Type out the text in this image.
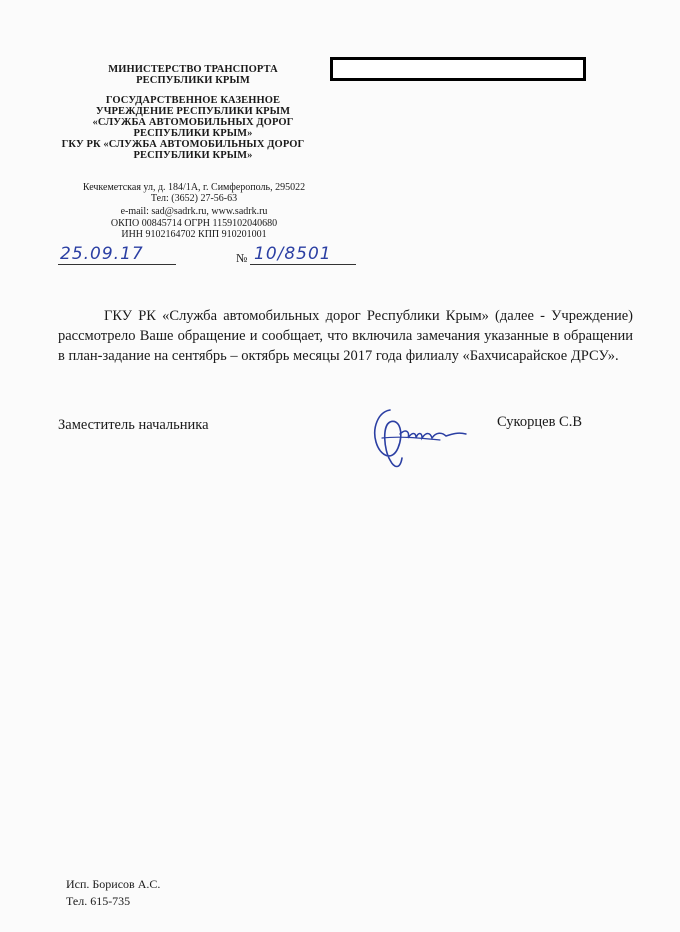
МИНИСТЕРСТВО ТРАНСПОРТА
РЕСПУБЛИКИ КРЫМ
ГОСУДАРСТВЕННОЕ КАЗЕННОЕ
УЧРЕЖДЕНИЕ РЕСПУБЛИКИ КРЫМ
«СЛУЖБА АВТОМОБИЛЬНЫХ ДОРОГ
РЕСПУБЛИКИ КРЫМ»
ГКУ РК «СЛУЖБА АВТОМОБИЛЬНЫХ ДОРОГ
РЕСПУБЛИКИ КРЫМ»
Кечкеметская ул, д. 184/1А, г. Симферополь, 295022
Тел: (3652) 27-56-63
e-mail: sad@sadrk.ru, www.sadrk.ru
ОКПО 00845714 ОГРН 1159102040680
ИНН 9102164702 КПП 910201001
25.09.17	№ 10/8501

ГКУ РК «Служба автомобильных дорог Республики Крым» (далее - Учреждение) рассмотрело Ваше обращение и сообщает, что включила замечания указанные в обращении в план-задание на сентябрь – октябрь месяцы 2017 года филиалу «Бахчисарайское ДРСУ».

Заместитель начальника	Сукорцев С.В
Исп. Борисов А.С.
Тел. 615-735
